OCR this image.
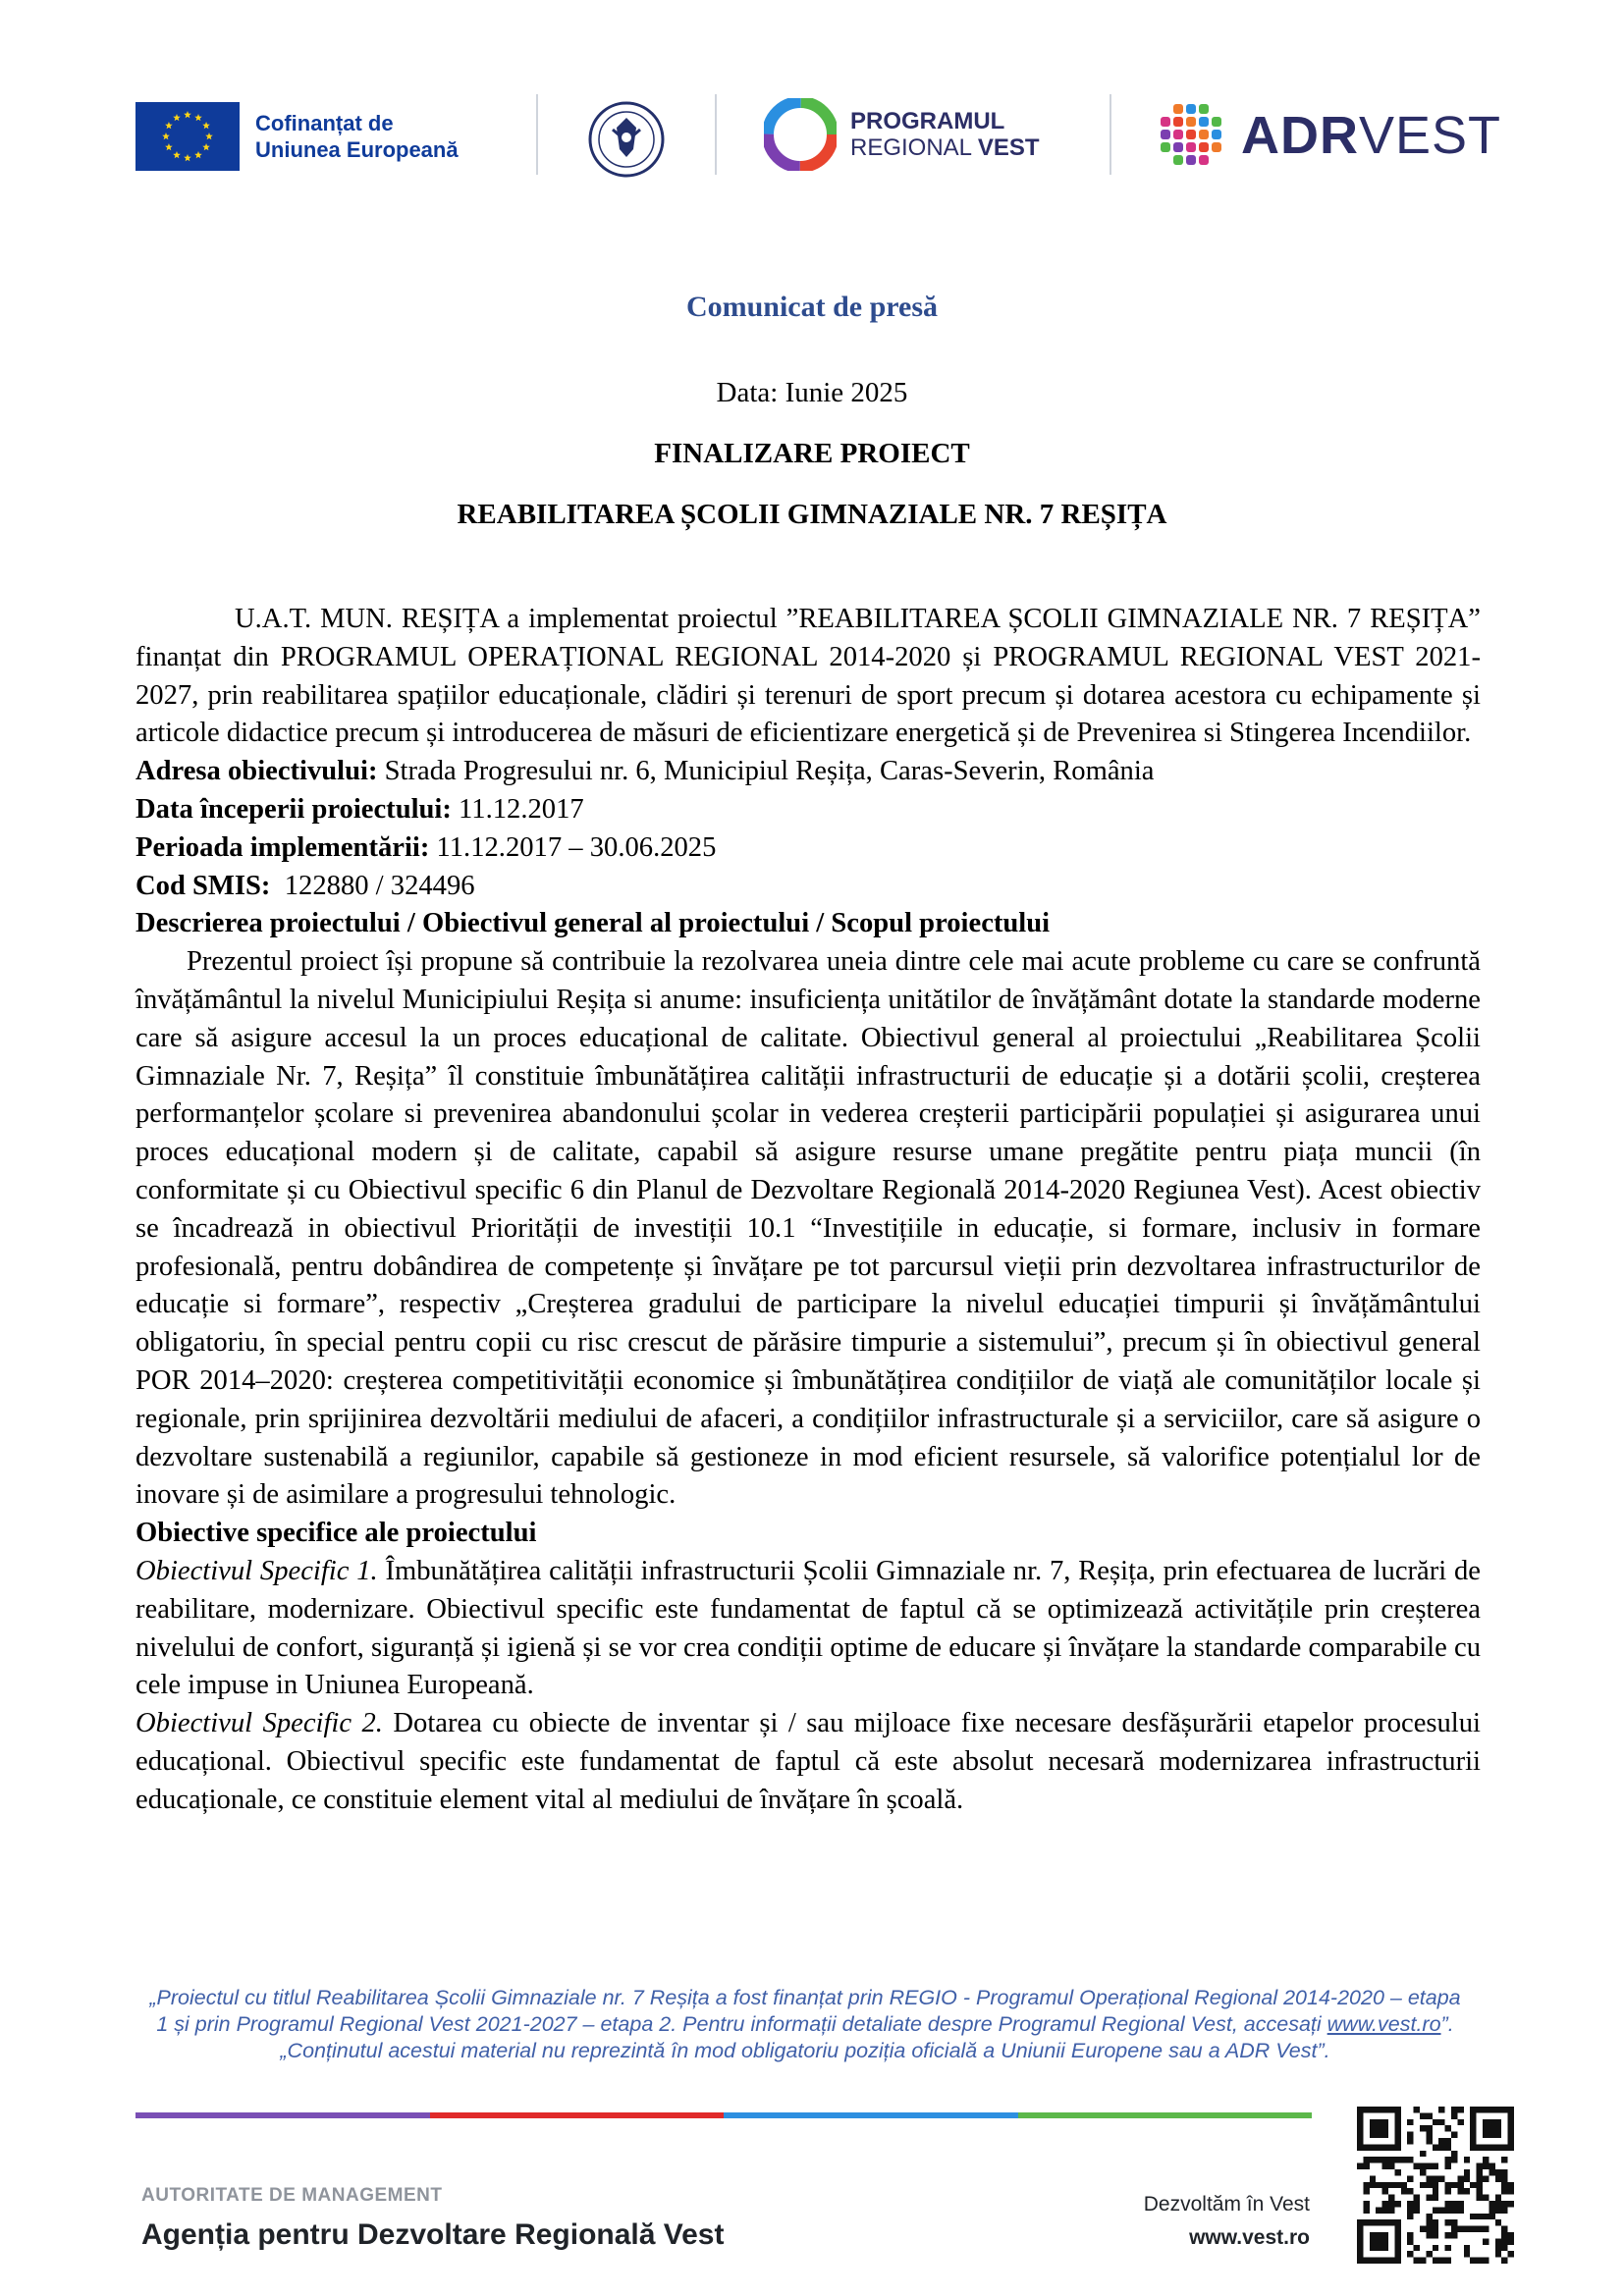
Cofinanțat de
Uniunea Europeană
PROGRAMUL
REGIONAL VEST	ADRVEST
Comunicat de presă
Data: Iunie 2025
FINALIZARE PROIECT
REABILITAREA ȘCOLII GIMNAZIALE NR. 7 REȘIȚA

U.A.T. MUN. REȘIȚA a implementat proiectul ”REABILITAREA ȘCOLII GIMNAZIALE NR. 7 REȘIȚA” finanțat din PROGRAMUL OPERAȚIONAL REGIONAL 2014-2020 și PROGRAMUL REGIONAL VEST 2021-2027, prin reabilitarea spațiilor educaționale, clădiri și terenuri de sport precum și dotarea acestora cu echipamente și articole didactice precum și introducerea de măsuri de eficientizare energetică și de Prevenirea si Stingerea Incendiilor.

Adresa obiectivului: Strada Progresului nr. 6, Municipiul Reșița, Caras-Severin, România

Data începerii proiectului: 11.12.2017

Perioada implementării: 11.12.2017 – 30.06.2025

Cod SMIS:  122880 / 324496

Descrierea proiectului / Obiectivul general al proiectului / Scopul proiectului

Prezentul proiect își propune să contribuie la rezolvarea uneia dintre cele mai acute probleme cu care se confruntă învățământul la nivelul Municipiului Reșița si anume: insuficiența unitătilor de învățământ dotate la standarde moderne care să asigure accesul la un proces educațional de calitate. Obiectivul general al proiectului „Reabilitarea Școlii Gimnaziale Nr. 7, Reșița” îl constituie îmbunătățirea calității infrastructurii de educație și a dotării școlii, creșterea performanțelor școlare si prevenirea abandonului școlar in vederea creșterii participării populației și asigurarea unui proces educațional modern și de calitate, capabil să asigure resurse umane pregătite pentru piața muncii (în conformitate și cu Obiectivul specific 6 din Planul de Dezvoltare Regională 2014-2020 Regiunea Vest). Acest obiectiv se încadrează in obiectivul Priorității de investiții 10.1 “Investițiile in educație, si formare, inclusiv in formare profesională, pentru dobândirea de competențe și învățare pe tot parcursul vieții prin dezvoltarea infrastructurilor de educație si formare”, respectiv „Creșterea gradului de participare la nivelul educației timpurii și învățământului obligatoriu, în special pentru copii cu risc crescut de părăsire timpurie a sistemului”, precum și în obiectivul general POR 2014–2020: creșterea competitivității economice și îmbunătățirea condițiilor de viață ale comunităților locale și regionale, prin sprijinirea dezvoltării mediului de afaceri, a condițiilor infrastructurale și a serviciilor, care să asigure o dezvoltare sustenabilă a regiunilor, capabile să gestioneze in mod eficient resursele, să valorifice potențialul lor de inovare și de asimilare a progresului tehnologic.

Obiective specifice ale proiectului

Obiectivul Specific 1. Îmbunătățirea calității infrastructurii Școlii Gimnaziale nr. 7, Reșița, prin efectuarea de lucrări de reabilitare, modernizare. Obiectivul specific este fundamentat de faptul că se optimizează activitățile prin creșterea nivelului de confort, siguranță și igienă și se vor crea condiții optime de educare și învățare la standarde comparabile cu cele impuse in Uniunea Europeană.

Obiectivul Specific 2. Dotarea cu obiecte de inventar și / sau mijloace fixe necesare desfășurării etapelor procesului educațional. Obiectivul specific este fundamentat de faptul că este absolut necesară modernizarea infrastructurii educaționale, ce constituie element vital al mediului de învățare în școală.

„Proiectul cu titlul Reabilitarea Școlii Gimnaziale nr. 7 Reșița a fost finanțat prin REGIO - Programul Operațional Regional 2014-2020 – etapa 1 și prin Programul Regional Vest 2021-2027 – etapa 2. Pentru informații detaliate despre Programul Regional Vest, accesați www.vest.ro”.
„Conținutul acestui material nu reprezintă în mod obligatoriu poziția oficială a Uniunii Europene sau a ADR Vest”.
AUTORITATE DE MANAGEMENT
Agenția pentru Dezvoltare Regională Vest
Dezvoltăm în Vest
www.vest.ro
